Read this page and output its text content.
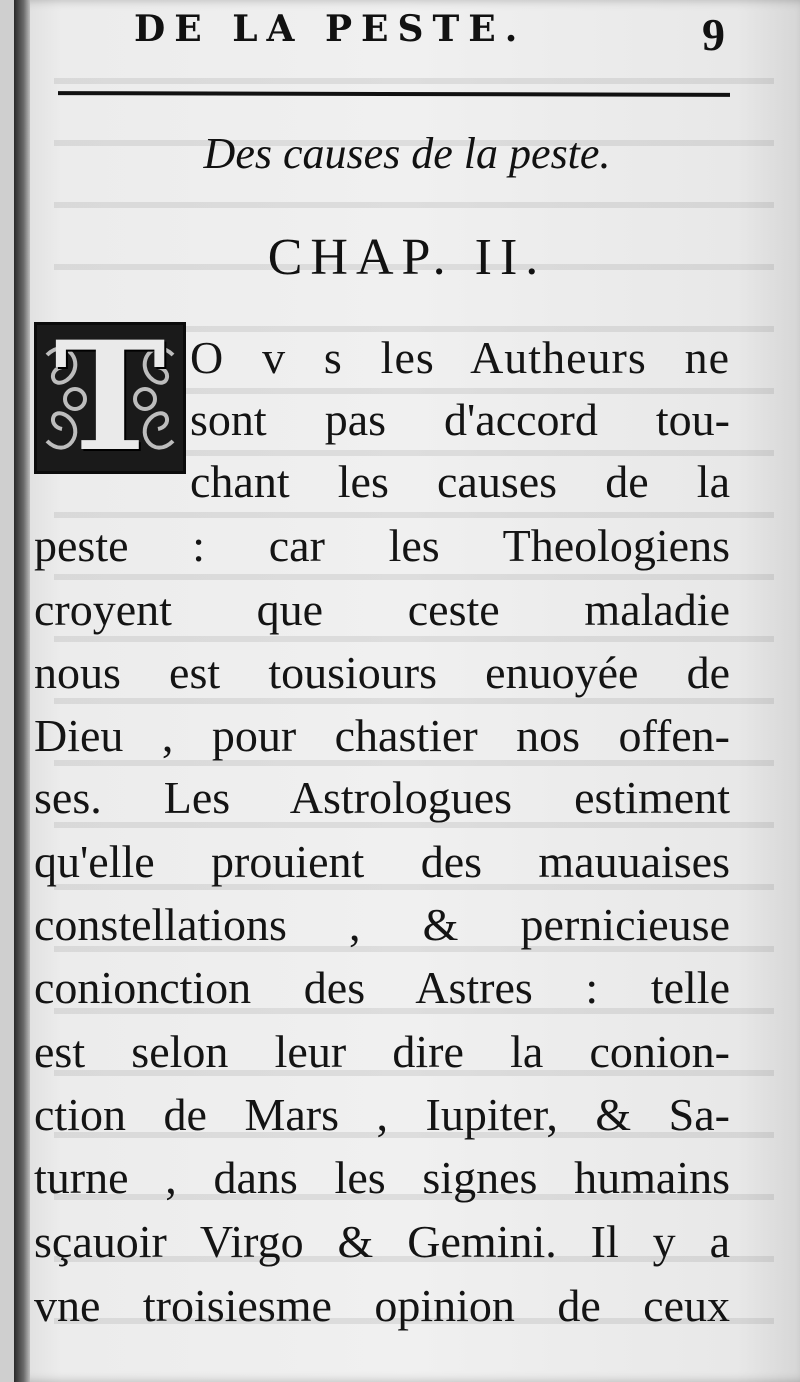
DE LA PESTE.	9
Des causes de la peste.
CHAP. II.
T O v s les Autheurs ne
sont pas d'accord tou-
chant les causes de la
peste : car les Theologiens
croyent que ceste maladie
nous est tousiours enuoyée de
Dieu , pour chastier nos offen-
ses. Les Astrologues estiment
qu'elle prouient des mauuaises
constellations , & pernicieuse
conionction des Astres : telle
est selon leur dire la conion-
ction de Mars , Iupiter, & Sa-
turne , dans les signes humains
sçauoir Virgo & Gemini. Il y a
vne troisiesme opinion de ceux
